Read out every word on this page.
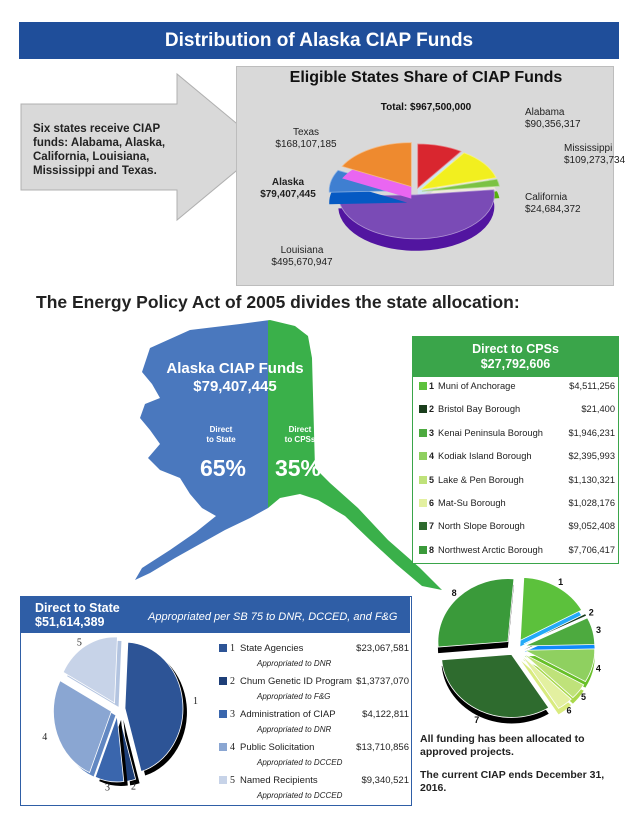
Distribution of Alaska CIAP Funds
Six states receive CIAP funds: Alabama, Alaska, California, Louisiana, Mississippi and Texas.
Total: $967,500,000	Alabama $90,356,317
Mississippi $109,273,734
California $24,684,372
Louisiana $495,670,947
Alaska $79,407,445
Texas $168,107,185
Eligible States Share of CIAP Funds
The Energy Policy Act of 2005 divides the state allocation:
Alaska CIAP Funds
$79,407,445
Direct to State
Direct to CPSs
65% 35%
Direct to CPSs
$27,792,606
1 Muni of Anchorage	$4,511,256
2 Bristol Bay Borough	$21,400
3 Kenai Peninsula Borough	$1,946,231
4 Kodiak Island Borough	$2,395,993
5 Lake & Pen Borough	$1,130,321
6 Mat-Su Borough	$1,028,176
7 North Slope Borough	$9,052,408
8 Northwest Arctic Borough	$7,706,417
1
2
3
4
5
6
7
8
Direct to State
$51,614,389	Appropriated per SB 75 to DNR, DCCED, and F&G
1
2
3
4
5	1 State Agencies	$23,067,581
Appropriated to DNR
2 Chum Genetic ID Program $1,3737,070
Appropriated to F&G
3 Administration of CIAP	$4,122,811
Appropriated to DNR
4 Public Solicitation	$13,710,856
Appropriated to DCCED
5 Named Recipients	$9,340,521
Appropriated to DCCED

All funding has been allocated to approved projects.

The current CIAP ends December 31, 2016.
